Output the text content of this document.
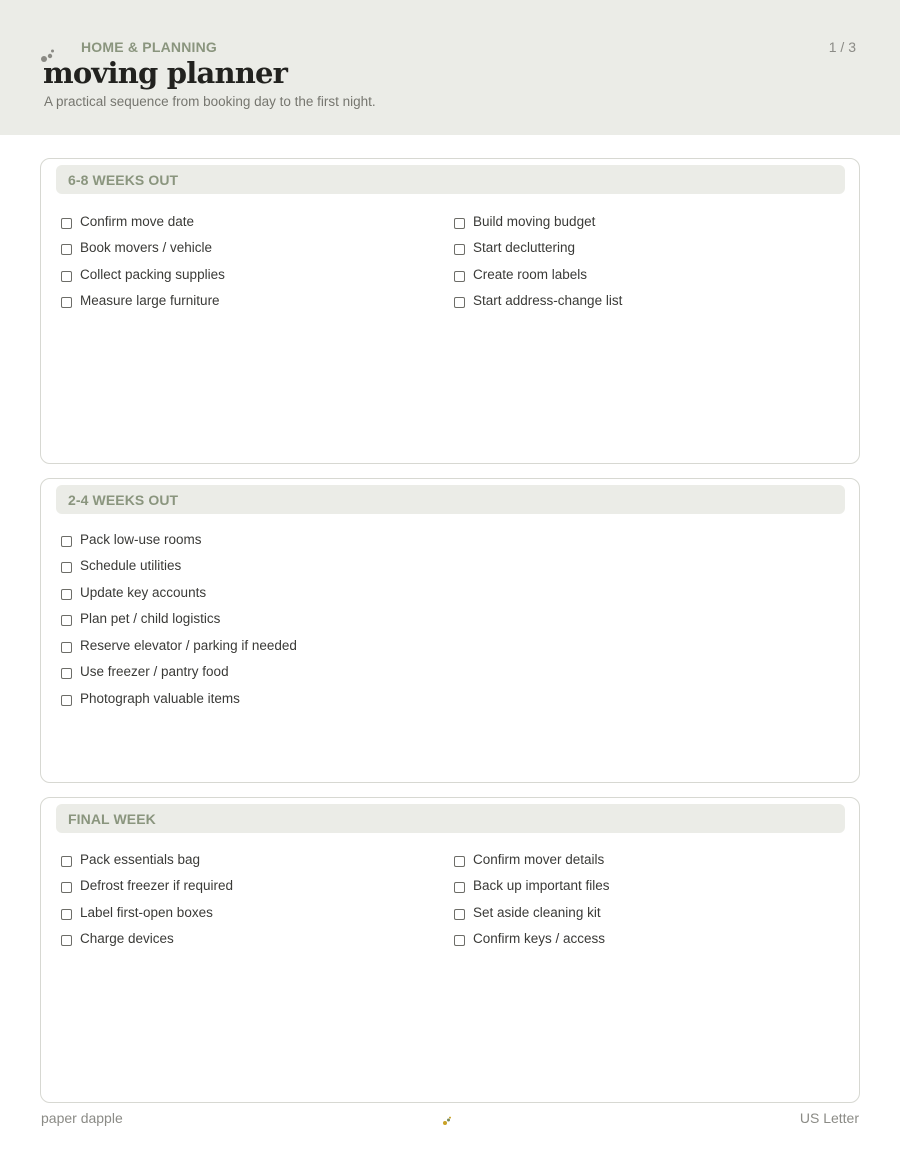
HOME & PLANNING	1 / 3
moving planner
A practical sequence from booking day to the first night.
6-8 WEEKS OUT
Confirm move date	Build moving budget
Book movers / vehicle	Start decluttering
Collect packing supplies	Create room labels
Measure large furniture	Start address-change list
2-4 WEEKS OUT
Pack low-use rooms
Schedule utilities
Update key accounts
Plan pet / child logistics
Reserve elevator / parking if needed
Use freezer / pantry food
Photograph valuable items
FINAL WEEK
Pack essentials bag	Confirm mover details
Defrost freezer if required	Back up important files
Label first-open boxes	Set aside cleaning kit
Charge devices	Confirm keys / access
paper dapple	US Letter
